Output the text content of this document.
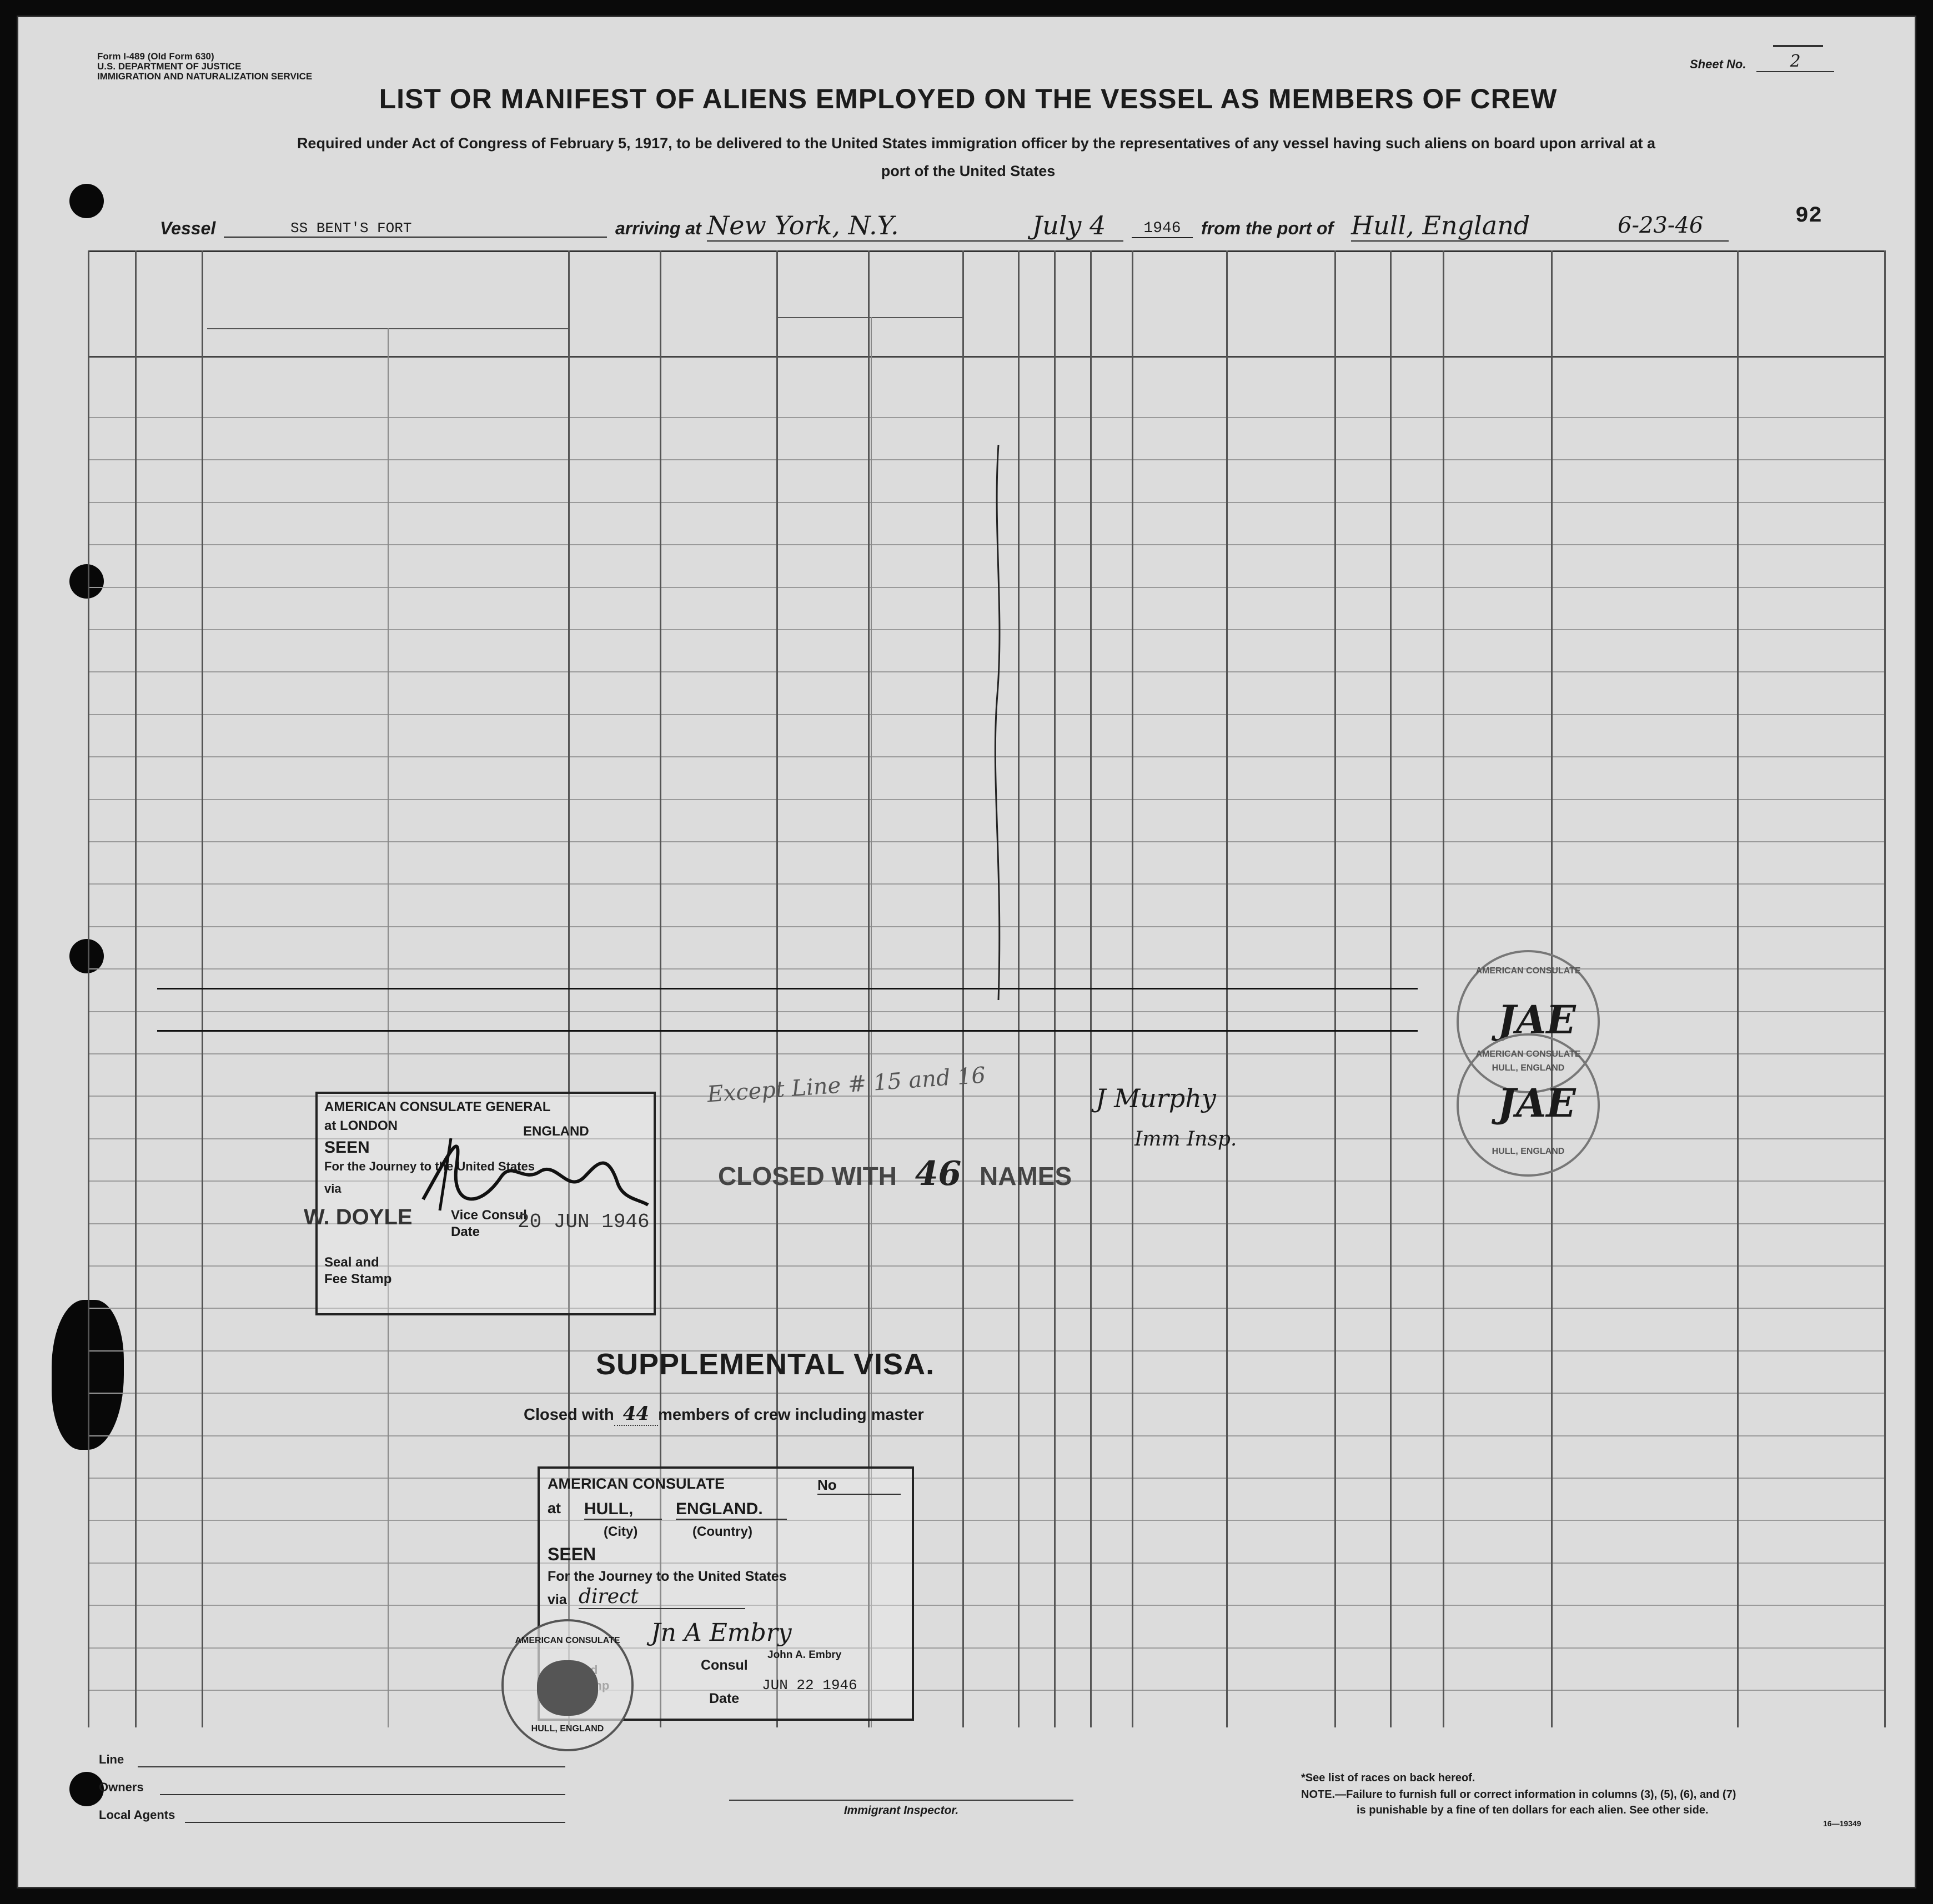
Form I-489 (Old Form 630)
U.S. DEPARTMENT OF JUSTICE
IMMIGRATION AND NATURALIZATION SERVICE
Sheet No.	2
LIST OR MANIFEST OF ALIENS EMPLOYED ON THE VESSEL AS MEMBERS OF CREW
Required under Act of Congress of February 5, 1917, to be delivered to the United States immigration officer by the representatives of any vessel having such aliens on board upon arrival at a
port of the United States
Vessel	SS BENT'S FORT	arriving at New York, N.Y.	July 4	1946	from the port of Hull, England	6-23-46	92
Except Line # 15 and 16
CLOSED WITH 46 NAMES
J Murphy
Imm Insp.
AMERICAN CONSULATE GENERAL
at LONDON	ENGLAND
SEEN
For the Journey to the United States
via
W. DOYLE	Vice Consul
Date 20 JUN 1946
Seal and
Fee Stamp
SUPPLEMENTAL VISA.
Closed with 44 members of crew including master
AMERICAN CONSULATE	No
at HULL,	ENGLAND.
(City)	(Country)
SEEN
For the Journey to the United States
via direct
Jn A Embry
Consul
John A. Embry
Date
JUN 22 1946
AMERICAN CONSULATE
HULL, ENGLAND
AMERICAN CONSULATE
HULL, ENGLAND
JAE
AMERICAN CONSULATE
HULL, ENGLAND
JAE
Line
Owners
Local Agents	Immigrant Inspector.
*See list of races on back hereof.
NOTE.—Failure to furnish full or correct information in columns (3), (5), (6), and (7)
is punishable by a fine of ten dollars for each alien. See other side.
16—19349
